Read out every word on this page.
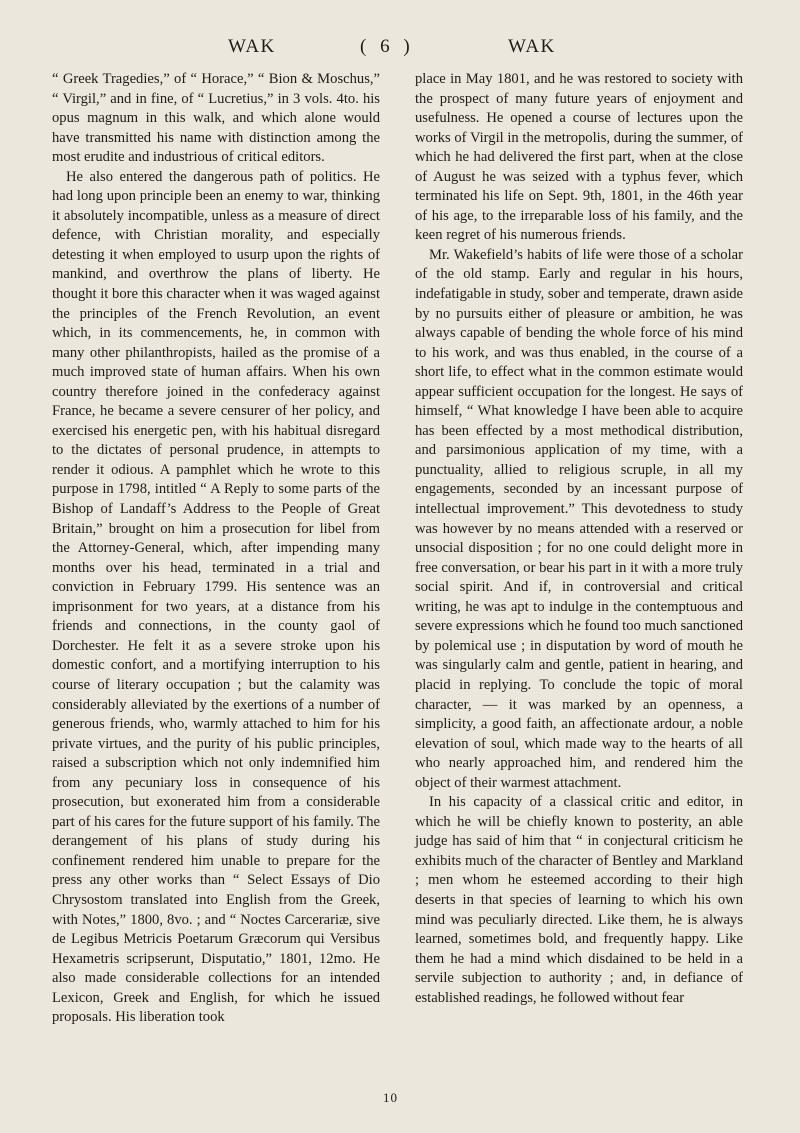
WAK	( 6 )	WAK

“ Greek Tragedies,” of “ Horace,” “ Bion & Moschus,” “ Virgil,” and in fine, of “ Lucretius,” in 3 vols. 4to. his opus magnum in this walk, and which alone would have transmitted his name with distinction among the most erudite and industrious of critical editors.

He also entered the dangerous path of politics. He had long upon principle been an enemy to war, thinking it absolutely incompatible, unless as a measure of direct defence, with Christian morality, and especially detesting it when employed to usurp upon the rights of mankind, and overthrow the plans of liberty. He thought it bore this character when it was waged against the principles of the French Revolution, an event which, in its commencements, he, in common with many other philanthropists, hailed as the promise of a much improved state of human affairs. When his own country therefore joined in the confederacy against France, he became a severe censurer of her policy, and exercised his energetic pen, with his habitual disregard to the dictates of personal prudence, in attempts to render it odious. A pamphlet which he wrote to this purpose in 1798, intitled “ A Reply to some parts of the Bishop of Landaff’s Address to the People of Great Britain,” brought on him a prosecution for libel from the Attorney-General, which, after impending many months over his head, terminated in a trial and conviction in February 1799. His sentence was an imprisonment for two years, at a distance from his friends and connections, in the county gaol of Dorchester. He felt it as a severe stroke upon his domestic confort, and a mortifying interruption to his course of literary occupation ; but the calamity was considerably alleviated by the exertions of a number of generous friends, who, warmly attached to him for his private virtues, and the purity of his public principles, raised a subscription which not only indemnified him from any pecuniary loss in consequence of his prosecution, but exonerated him from a considerable part of his cares for the future support of his family. The derangement of his plans of study during his confinement rendered him unable to prepare for the press any other works than “ Select Essays of Dio Chrysostom translated into English from the Greek, with Notes,” 1800, 8vo. ; and “ Noctes Carcerariæ, sive de Legibus Metricis Poetarum Græcorum qui Versibus Hexametris scripserunt, Disputatio,” 1801, 12mo. He also made considerable collections for an intended Lexicon, Greek and English, for which he issued proposals. His liberation took

place in May 1801, and he was restored to society with the prospect of many future years of enjoyment and usefulness. He opened a course of lectures upon the works of Virgil in the metropolis, during the summer, of which he had delivered the first part, when at the close of August he was seized with a typhus fever, which terminated his life on Sept. 9th, 1801, in the 46th year of his age, to the irreparable loss of his family, and the keen regret of his numerous friends.

Mr. Wakefield’s habits of life were those of a scholar of the old stamp. Early and regular in his hours, indefatigable in study, sober and temperate, drawn aside by no pursuits either of pleasure or ambition, he was always capable of bending the whole force of his mind to his work, and was thus enabled, in the course of a short life, to effect what in the common estimate would appear sufficient occupation for the longest. He says of himself, “ What knowledge I have been able to acquire has been effected by a most methodical distribution, and parsimonious application of my time, with a punctuality, allied to religious scruple, in all my engagements, seconded by an incessant purpose of intellectual improvement.” This devotedness to study was however by no means attended with a reserved or unsocial disposition ; for no one could delight more in free conversation, or bear his part in it with a more truly social spirit. And if, in controversial and critical writing, he was apt to indulge in the contemptuous and severe expressions which he found too much sanctioned by polemical use ; in disputation by word of mouth he was singularly calm and gentle, patient in hearing, and placid in replying. To conclude the topic of moral character, — it was marked by an openness, a simplicity, a good faith, an affectionate ardour, a noble elevation of soul, which made way to the hearts of all who nearly approached him, and rendered him the object of their warmest attachment.

In his capacity of a classical critic and editor, in which he will be chiefly known to posterity, an able judge has said of him that “ in conjectural criticism he exhibits much of the character of Bentley and Markland ; men whom he esteemed according to their high deserts in that species of learning to which his own mind was peculiarly directed. Like them, he is always learned, sometimes bold, and frequently happy. Like them he had a mind which disdained to be held in a servile subjection to authority ; and, in defiance of established readings, he followed without fear

10
